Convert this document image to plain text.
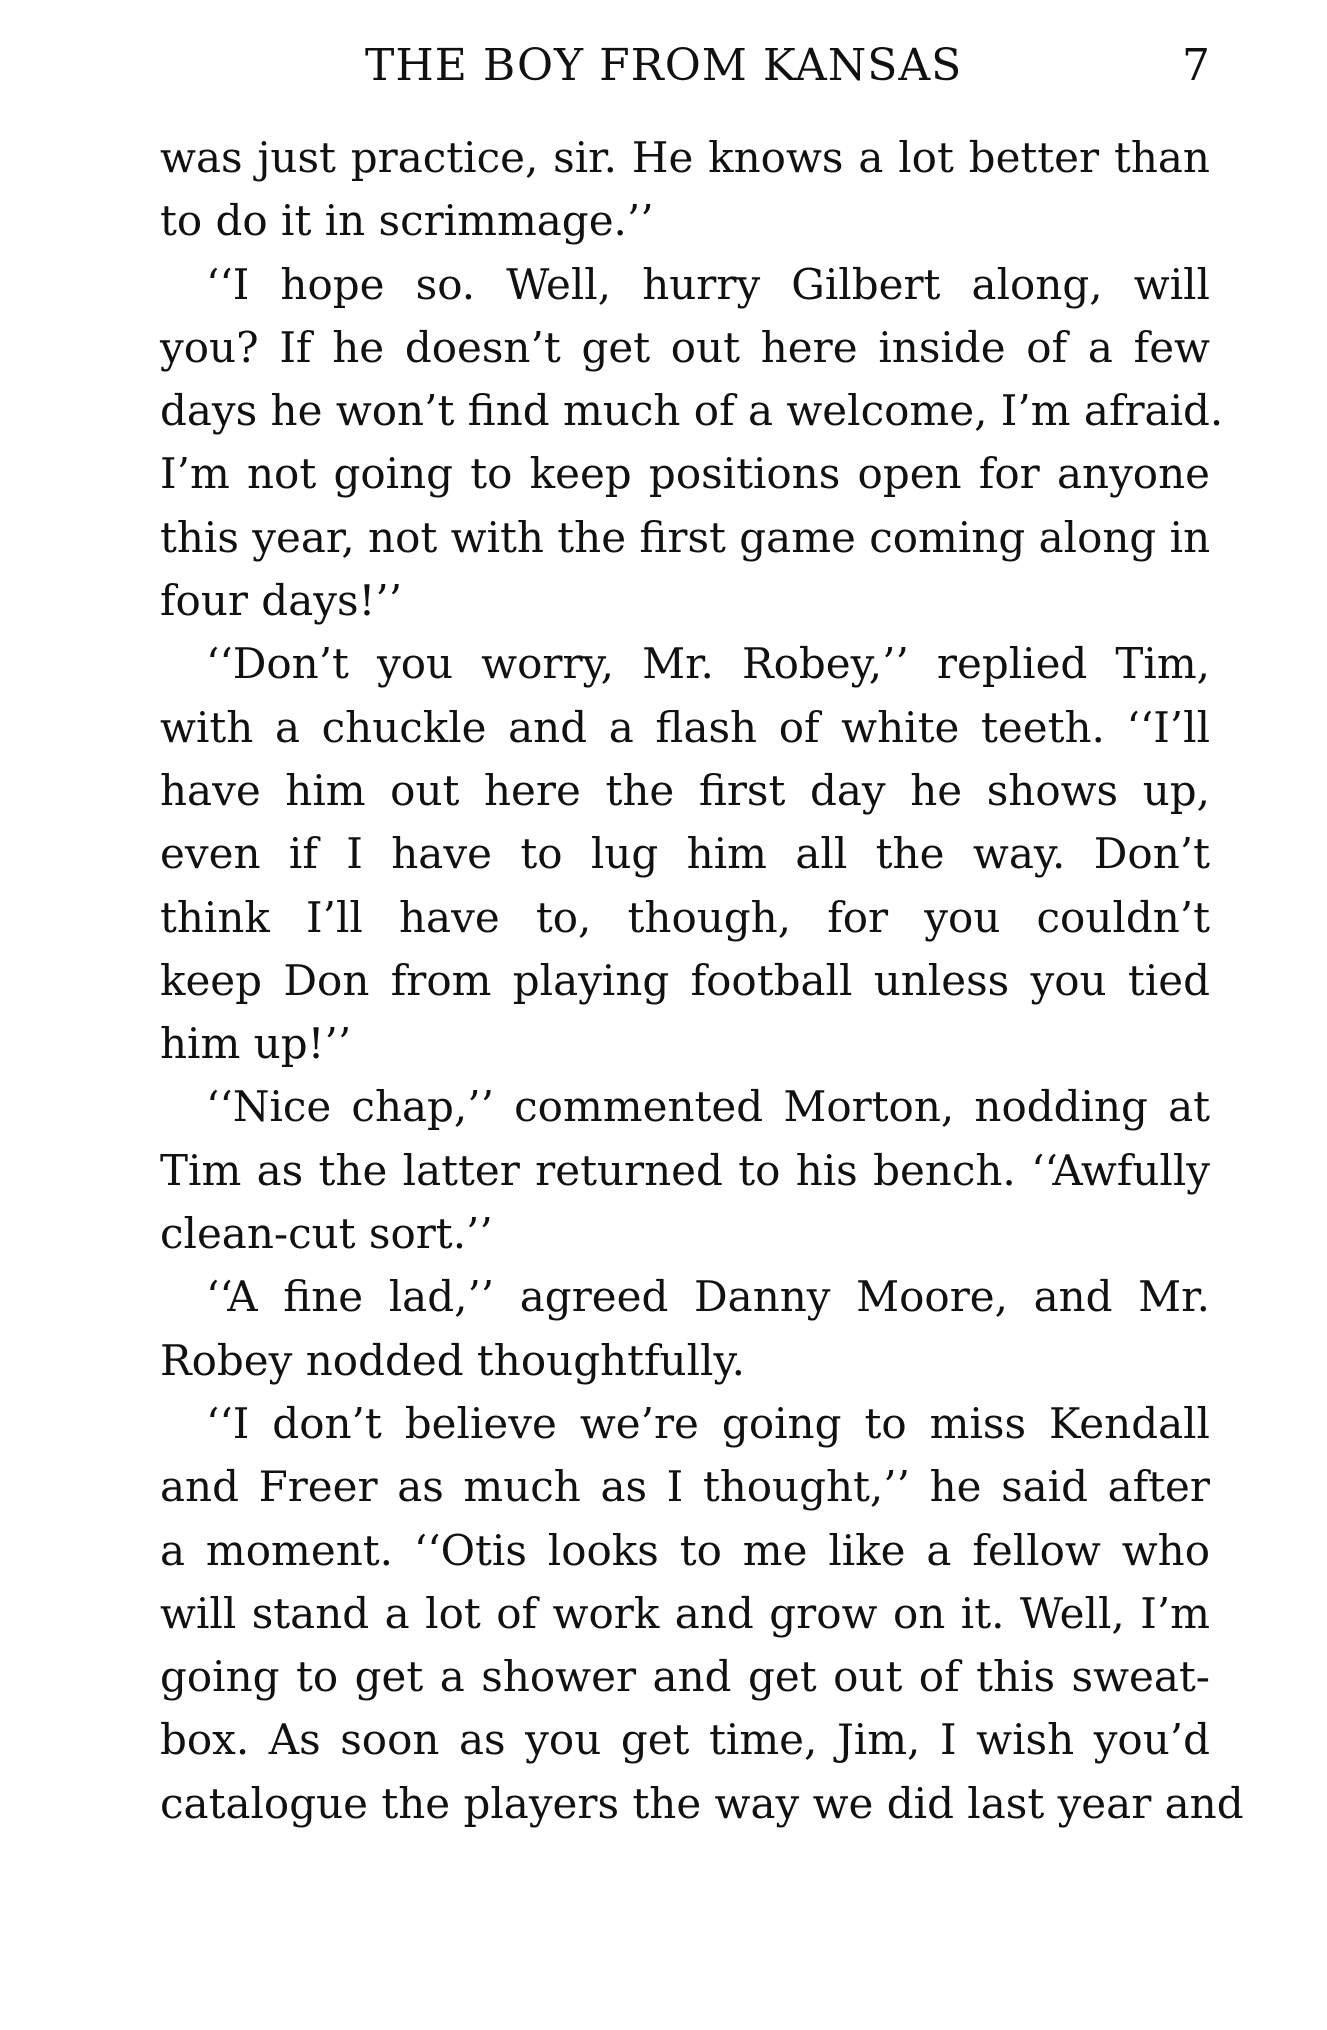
THE BOY FROM KANSAS	7
was just practice, sir. He knows a lot better than
to do it in scrimmage.’’
‘‘I hope so. Well, hurry Gilbert along, will
you? If he doesn’t get out here inside of a few
days he won’t find much of a welcome, I’m afraid.
I’m not going to keep positions open for anyone
this year, not with the first game coming along in
four days!’’
‘‘Don’t you worry, Mr. Robey,’’ replied Tim,
with a chuckle and a flash of white teeth. ‘‘I’ll
have him out here the first day he shows up,
even if I have to lug him all the way. Don’t
think I’ll have to, though, for you couldn’t
keep Don from playing football unless you tied
him up!’’
‘‘Nice chap,’’ commented Morton, nodding at
Tim as the latter returned to his bench. ‘‘Awfully
clean-cut sort.’’
‘‘A fine lad,’’ agreed Danny Moore, and Mr.
Robey nodded thoughtfully.
‘‘I don’t believe we’re going to miss Kendall
and Freer as much as I thought,’’ he said after
a moment. ‘‘Otis looks to me like a fellow who
will stand a lot of work and grow on it. Well, I’m
going to get a shower and get out of this sweat-
box. As soon as you get time, Jim, I wish you’d
catalogue the players the way we did last year and
